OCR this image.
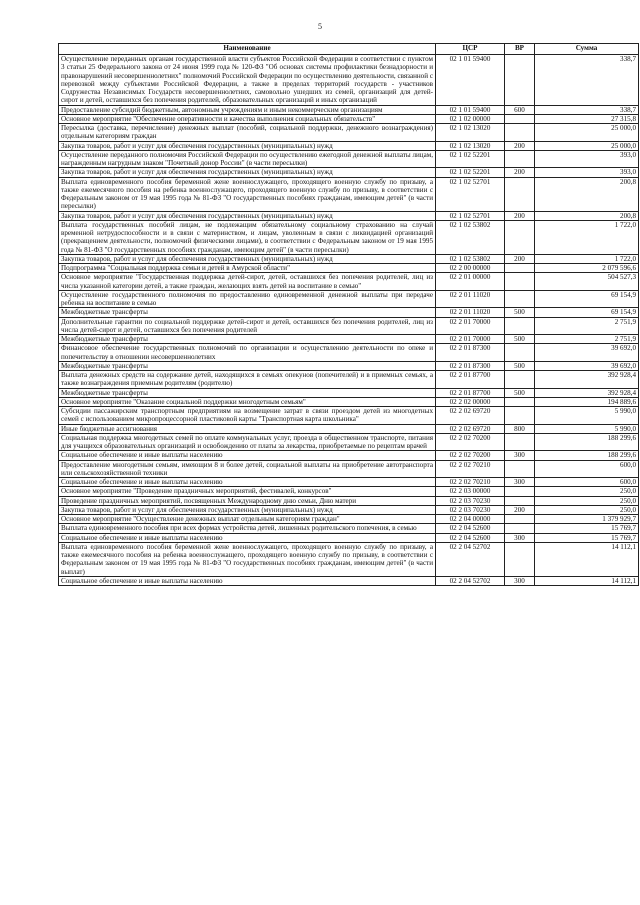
5
Наименование	ЦСР	ВР	Сумма
Осуществление переданных органам государственной власти субъектов Российской Федерации в соответствии с пунктом 3 статьи 25 Федерального закона от 24 июня 1999 года № 120-ФЗ "Об основах системы профилактики безнадзорности и правонарушений несовершеннолетних" полномочий Российской Федерации по осуществлению деятельности, связанной с перевозкой между субъектами Российской Федерации, а также в пределах территорий государств - участников Содружества Независимых Государств несовершеннолетних, самовольно ушедших из семей, организаций для детей-сирот и детей, оставшихся без попечения родителей, образовательных организаций и иных организаций	02 1 01 59400		338,7
Предоставление субсидий бюджетным, автономным учреждениям и иным некоммерческим организациям	02 1 01 59400	600	338,7
Основное мероприятие "Обеспечение оперативности и качества выполнения социальных обязательств"	02 1 02 00000		27 315,8
Пересылка (доставка, перечисление) денежных выплат (пособий, социальной поддержки, денежного вознаграждения) отдельным категориям граждан	02 1 02 13020		25 000,0
Закупка товаров, работ и услуг для обеспечения государственных (муниципальных) нужд	02 1 02 13020	200	25 000,0
Осуществление переданного полномочия Российской Федерации по осуществлению ежегодной денежной выплаты лицам, награжденным нагрудным знаком "Почетный донор России" (в части пересылки)	02 1 02 52201		393,0
Закупка товаров, работ и услуг для обеспечения государственных (муниципальных) нужд	02 1 02 52201	200	393,0
Выплата единовременного пособия беременной жене военнослужащего, проходящего военную службу по призыву, а также ежемесячного пособия на ребенка военнослужащего, проходящего военную службу по призыву, в соответствии с Федеральным законом от 19 мая 1995 года № 81-ФЗ "О государственных пособиях гражданам, имеющим детей" (в части пересылки)	02 1 02 52701		200,8
Закупка товаров, работ и услуг для обеспечения государственных (муниципальных) нужд	02 1 02 52701	200	200,8
Выплата государственных пособий лицам, не подлежащим обязательному социальному страхованию на случай временной нетрудоспособности и в связи с материнством, и лицам, уволенным в связи с ликвидацией организаций (прекращением деятельности, полномочий физическими лицами), в соответствии с Федеральным законом от 19 мая 1995 года № 81-ФЗ "О государственных пособиях гражданам, имеющим детей" (в части пересылки)	02 1 02 53802		1 722,0
Закупка товаров, работ и услуг для обеспечения государственных (муниципальных) нужд	02 1 02 53802	200	1 722,0
Подпрограмма "Социальная поддержка семьи и детей в Амурской области"	02 2 00 00000		2 079 596,6
Основное мероприятие "Государственная поддержка детей-сирот, детей, оставшихся без попечения родителей, лиц из числа указанной категории детей, а также граждан, желающих взять детей на воспитание в семью"	02 2 01 00000		504 527,3
Осуществление государственного полномочия по предоставлению единовременной денежной выплаты при передаче ребенка на воспитание в семью	02 2 01 11020		69 154,9
Межбюджетные трансферты	02 2 01 11020	500	69 154,9
Дополнительные гарантии по социальной поддержке детей-сирот и детей, оставшихся без попечения родителей, лиц из числа детей-сирот и детей, оставшихся без попечения родителей	02 2 01 70000		2 751,9
Межбюджетные трансферты	02 2 01 70000	500	2 751,9
Финансовое обеспечение государственных полномочий по организации и осуществлению деятельности по опеке и попечительству в отношении несовершеннолетних	02 2 01 87300		39 692,0
Межбюджетные трансферты	02 2 01 87300	500	39 692,0
Выплата денежных средств на содержание детей, находящихся в семьях опекунов (попечителей) и в приемных семьях, а также вознаграждения приемным родителям (родителю)	02 2 01 87700		392 928,4
Межбюджетные трансферты	02 2 01 87700	500	392 928,4
Основное мероприятие "Оказание социальной поддержки многодетным семьям"	02 2 02 00000		194 889,6
Субсидии пассажирским транспортным предприятиям на возмещение затрат в связи проездом детей из многодетных семей с использованием микропроцессорной пластиковой карты "Транспортная карта школьника"	02 2 02 69720		5 990,0
Иные бюджетные ассигнования	02 2 02 69720	800	5 990,0
Социальная поддержка многодетных семей по оплате коммунальных услуг, проезда в общественном транспорте, питания для учащихся образовательных организаций и освобождению от платы за лекарства, приобретаемые по рецептам врачей	02 2 02 70200		188 299,6
Социальное обеспечение и иные выплаты населению	02 2 02 70200	300	188 299,6
Предоставление многодетным семьям, имеющим 8 и более детей, социальной выплаты на приобретение автотранспорта или сельскохозяйственной техники	02 2 02 70210		600,0
Социальное обеспечение и иные выплаты населению	02 2 02 70210	300	600,0
Основное мероприятие "Проведение праздничных мероприятий, фестивалей, конкурсов"	02 2 03 00000		250,0
Проведение праздничных мероприятий, посвященных Международному дню семьи, Дню матери	02 2 03 70230		250,0
Закупка товаров, работ и услуг для обеспечения государственных (муниципальных) нужд	02 2 03 70230	200	250,0
Основное мероприятие "Осуществление денежных выплат отдельным категориям граждан"	02 2 04 00000		1 379 929,7
Выплата единовременного пособия при всех формах устройства детей, лишенных родительского попечения, в семью	02 2 04 52600		15 769,7
Социальное обеспечение и иные выплаты населению	02 2 04 52600	300	15 769,7
Выплата единовременного пособия беременной жене военнослужащего, проходящего военную службу по призыву, а также ежемесячного пособия на ребенка военнослужащего, проходящего военную службу по призыву, в соответствии с Федеральным законом от 19 мая 1995 года № 81-ФЗ "О государственных пособиях гражданам, имеющим детей" (в части выплат)	02 2 04 52702		14 112,1
Социальное обеспечение и иные выплаты населению	02 2 04 52702	300	14 112,1
